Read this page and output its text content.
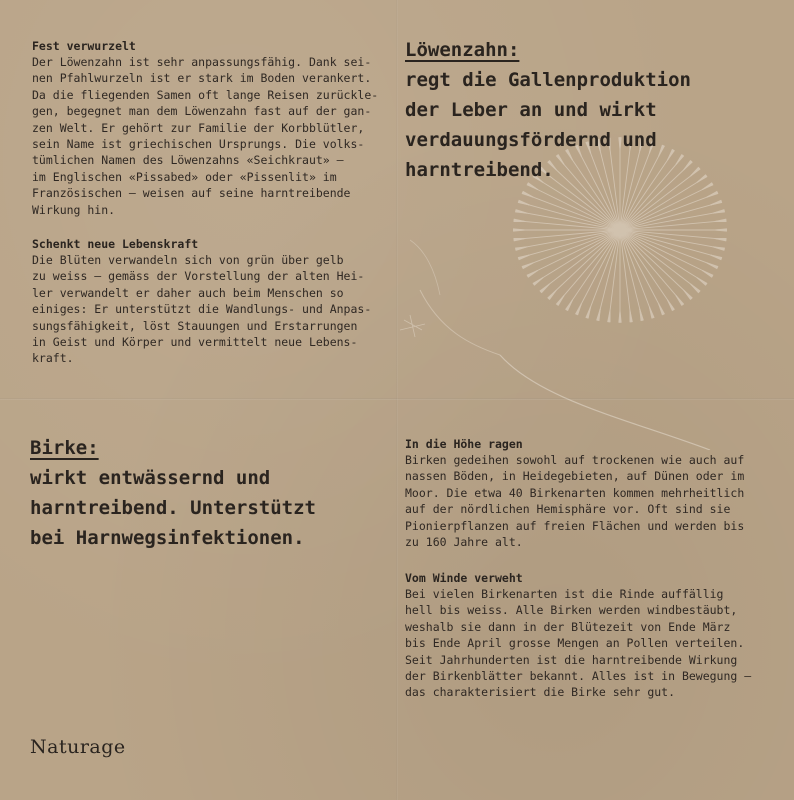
Fest verwurzelt

Der Löwenzahn ist sehr anpassungsfähig. Dank sei-
nen Pfahlwurzeln ist er stark im Boden verankert.
Da die fliegenden Samen oft lange Reisen zurückle-
gen, begegnet man dem Löwenzahn fast auf der gan-
zen Welt. Er gehört zur Familie der Korbblütler,
sein Name ist griechischen Ursprungs. Die volks-
tümlichen Namen des Löwenzahns «Seichkraut» –
im Englischen «Pissabed» oder «Pissenlit» im
Französischen – weisen auf seine harntreibende
Wirkung hin.

Schenkt neue Lebenskraft

Die Blüten verwandeln sich von grün über gelb
zu weiss – gemäss der Vorstellung der alten Hei-
ler verwandelt er daher auch beim Menschen so
einiges: Er unterstützt die Wandlungs- und Anpas-
sungsfähigkeit, löst Stauungen und Erstarrungen
in Geist und Körper und vermittelt neue Lebens-
kraft.

Löwenzahn:

regt die Gallenproduktion
der Leber an und wirkt
verdauungsfördernd und
harntreibend.

Birke:

wirkt entwässernd und
harntreibend. Unterstützt
bei Harnwegsinfektionen.

In die Höhe ragen

Birken gedeihen sowohl auf trockenen wie auch auf
nassen Böden, in Heidegebieten, auf Dünen oder im
Moor. Die etwa 40 Birkenarten kommen mehrheitlich
auf der nördlichen Hemisphäre vor. Oft sind sie
Pionierpflanzen auf freien Flächen und werden bis
zu 160 Jahre alt.

Vom Winde verweht

Bei vielen Birkenarten ist die Rinde auffällig
hell bis weiss. Alle Birken werden windbestäubt,
weshalb sie dann in der Blütezeit von Ende März
bis Ende April grosse Mengen an Pollen verteilen.
Seit Jahrhunderten ist die harntreibende Wirkung
der Birkenblätter bekannt. Alles ist in Bewegung –
das charakterisiert die Birke sehr gut.

Naturage
